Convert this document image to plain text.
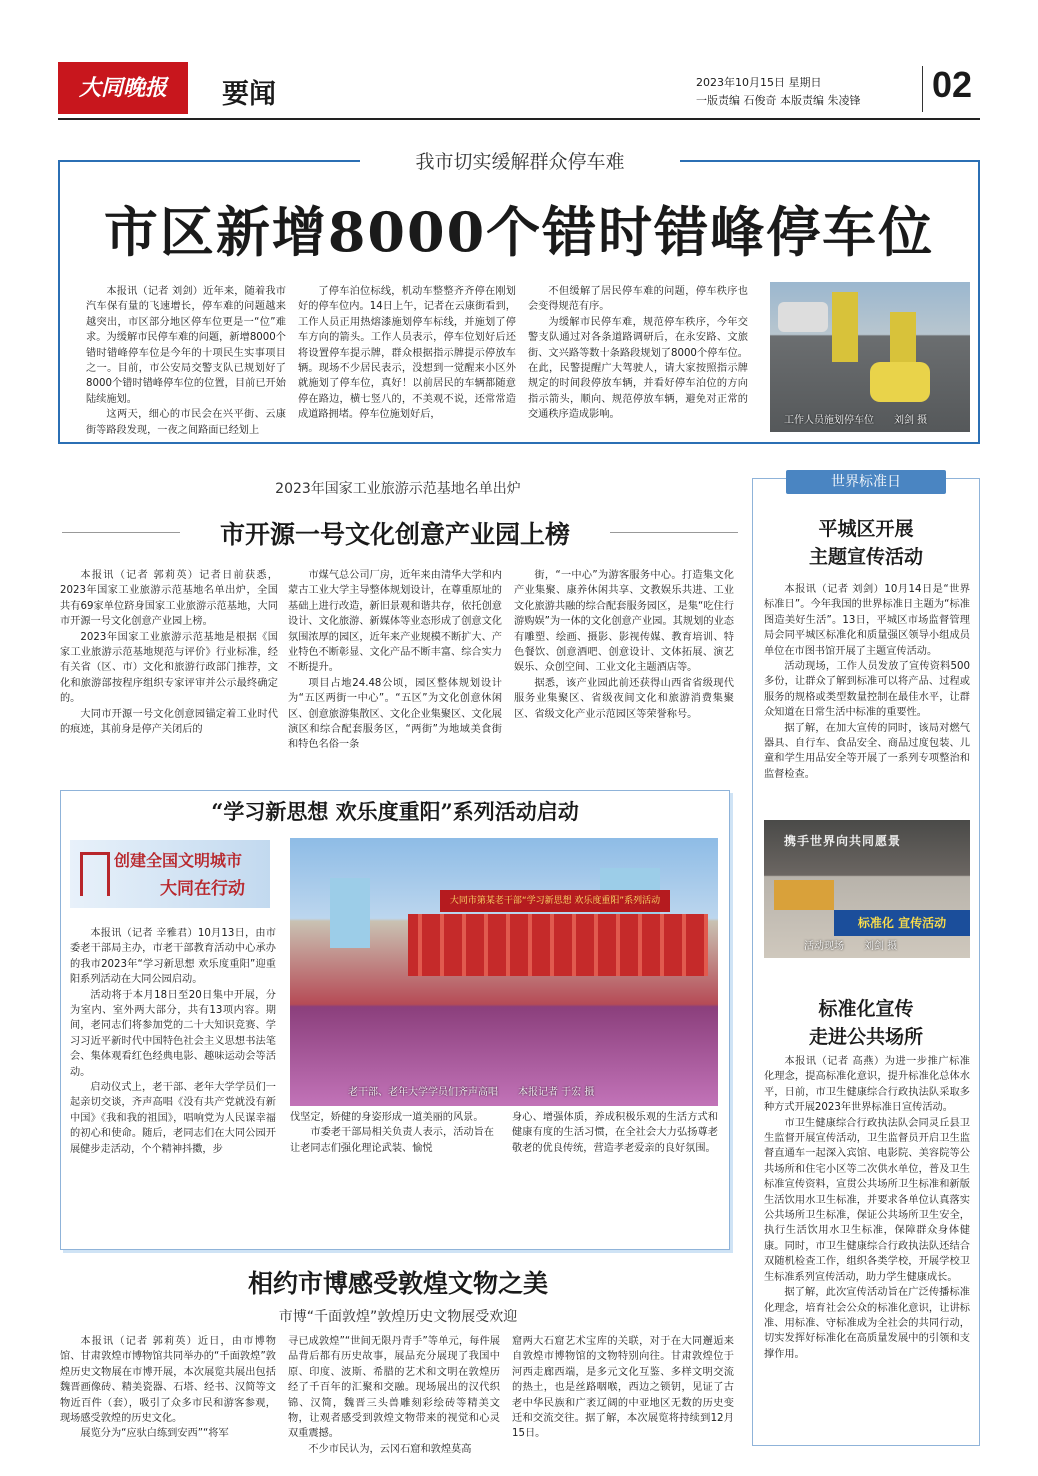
大同晚报	要闻	2023年10月15日 星期日
一版责编 石俊奇 本版责编 朱凌锋 02
我市切实缓解群众停车难
市区新增8000个错时错峰停车位

本报讯（记者 刘剑）近年来，随着我市汽车保有量的飞速增长，停车难的问题越来越突出，市区部分地区停车位更是一“位”难求。为缓解市民停车难的问题，新增8000个错时错峰停车位是今年的十项民生实事项目之一。目前，市公安局交警支队已规划好了8000个错时错峰停车位的位置，目前已开始陆续施划。

这两天，细心的市民会在兴平街、云康街等路段发现，一夜之间路面已经划上

了停车泊位标线，机动车整整齐齐停在刚划好的停车位内。14日上午，记者在云康街看到，工作人员正用热熔漆施划停车标线，并施划了停车方向的箭头。工作人员表示，停车位划好后还将设置停车提示牌，群众根据指示牌提示停放车辆。现场不少居民表示，没想到一觉醒来小区外就施划了停车位，真好！以前居民的车辆都随意停在路边，横七竖八的，不美观不说，还常常造成道路拥堵。停车位施划好后，

不但缓解了居民停车难的问题，停车秩序也会变得规范有序。

为缓解市民停车难，规范停车秩序，今年交警支队通过对各条道路调研后，在永安路、文旅街、文兴路等数十条路段规划了8000个停车位。在此，民警提醒广大驾驶人，请大家按照指示牌规定的时间段停放车辆，并看好停车泊位的方向指示箭头，顺向、规范停放车辆，避免对正常的交通秩序造成影响。

工作人员施划停车位　　刘剑 摄
2023年国家工业旅游示范基地名单出炉
市开源一号文化创意产业园上榜

本报讯（记者 郭莉英）记者日前获悉，2023年国家工业旅游示范基地名单出炉，全国共有69家单位跻身国家工业旅游示范基地，大同市开源一号文化创意产业园上榜。

2023年国家工业旅游示范基地是根据《国家工业旅游示范基地规范与评价》行业标准，经有关省（区、市）文化和旅游行政部门推荐，文化和旅游部按程序组织专家评审并公示最终确定的。

大同市开源一号文化创意园锚定着工业时代的痕迹，其前身是停产关闭后的

市煤气总公司厂房，近年来由清华大学和内蒙古工业大学主导整体规划设计，在尊重原址的基础上进行改造，新旧景观和谐共存，依托创意设计、文化旅游、新媒体等业态形成了创意文化氛围浓厚的园区，近年来产业规模不断扩大、产业特色不断彰显、文化产品不断丰富、综合实力不断提升。

项目占地24.48公顷，园区整体规划设计为“五区两街一中心”。“五区”为文化创意休闲区、创意旅游集散区、文化企业集聚区、文化展演区和综合配套服务区，“两街”为地域美食街和特色名俗一条

街，“一中心”为游客服务中心。打造集文化产业集聚、康养休闲共享、文教娱乐共进、工业文化旅游共融的综合配套服务园区，是集“吃住行游购娱”为一体的文化创意产业园。其规划的业态有雕塑、绘画、摄影、影视传媒、教育培训、特色餐饮、创意酒吧、创意设计、文体拓展、演艺娱乐、众创空间、工业文化主题酒店等。

据悉，该产业园此前还获得山西省省级现代服务业集聚区、省级夜间文化和旅游消费集聚区、省级文化产业示范园区等荣誉称号。

“学习新思想 欢乐度重阳”系列活动启动
创建全国文明城市
大同在行动

本报讯（记者 辛雅君）10月13日，由市委老干部局主办，市老干部教育活动中心承办的我市2023年“学习新思想 欢乐度重阳”迎重阳系列活动在大同公园启动。

活动将于本月18日至20日集中开展，分为室内、室外两大部分，共有13项内容。期间，老同志们将参加党的二十大知识竞赛、学习习近平新时代中国特色社会主义思想书法笔会、集体观看红色经典电影、趣味运动会等活动。

启动仪式上，老干部、老年大学学员们一起亲切交谈，齐声高唱《没有共产党就没有新中国》《我和我的祖国》，唱响党为人民谋幸福的初心和使命。随后，老同志们在大同公园开展健步走活动，个个精神抖擞，步

大同市第某老干部“学习新思想 欢乐度重阳”系列活动
老干部、老年大学学员们齐声高唱　　本报记者 于宏 摄

伐坚定，娇健的身姿形成一道美丽的风景。

市委老干部局相关负责人表示，活动旨在让老同志们强化理论武装、愉悦

身心、增强体质，养成积极乐观的生活方式和健康有度的生活习惯，在全社会大力弘扬尊老敬老的优良传统，营造孝老爱亲的良好氛围。

相约市博感受敦煌文物之美
市博“千面敦煌”敦煌历史文物展受欢迎

本报讯（记者 郭莉英）近日，由市博物馆、甘肃敦煌市博物馆共同举办的“千面敦煌”敦煌历史文物展在市博开展，本次展览共展出包括魏晋画像砖、精美瓷器、石塔、经书、汉简等文物近百件（套），吸引了众多市民和游客参观，现场感受敦煌的历史文化。

展览分为“应驮白练到安西”“将军

寻已成敦煌”“世间无限丹青手”等单元，每件展品背后都有历史故事，展品充分展现了我国中原、印度、波斯、希腊的艺术和文明在敦煌历经了千百年的汇聚和交融。现场展出的汉代织锦、汉简，魏晋三头兽雕刻彩绘砖等精美文物，让观者感受到敦煌文物带来的视觉和心灵双重震撼。

不少市民认为，云冈石窟和敦煌莫高

窟两大石窟艺术宝库的关联，对于在大同邂逅来自敦煌市博物馆的文物特别向往。甘肃敦煌位于河西走廊西端，是多元文化互鉴、多样文明交流的热土，也是丝路咽喉，西边之锁钥，见证了古老中华民族和广袤辽阔的中亚地区无数的历史变迁和交流交往。据了解，本次展览将持续到12月15日。

世界标准日
平城区开展
主题宣传活动

本报讯（记者 刘剑）10月14日是“世界标准日”。今年我国的世界标准日主题为“标准图造美好生活”。13日，平城区市场监督管理局会同平城区标准化和质量强区领导小组成员单位在市图书馆开展了主题宣传活动。

活动现场，工作人员发放了宣传资料500多份，让群众了解到标准可以将产品、过程或服务的规格或类型数量控制在最佳水平，让群众知道在日常生活中标准的重要性。

据了解，在加大宣传的同时，该局对燃气器具、自行车、食品安全、商品过度包装、儿童和学生用品安全等开展了一系列专项整治和监督检查。

携手世界向共同愿景
标准化 宣传活动
活动现场　　刘剑 摄
标准化宣传
走进公共场所

本报讯（记者 高燕）为进一步推广标准化理念，提高标准化意识，提升标准化总体水平，日前，市卫生健康综合行政执法队采取多种方式开展2023年世界标准日宣传活动。

市卫生健康综合行政执法队会同灵丘县卫生监督开展宣传活动，卫生监督员开启卫生监督直通车一起深入宾馆、电影院、美容院等公共场所和住宅小区等二次供水单位，普及卫生标准宣传资料，宣贯公共场所卫生标准和新版生活饮用水卫生标准，并要求各单位认真落实公共场所卫生标准，保证公共场所卫生安全，执行生活饮用水卫生标准，保障群众身体健康。同时，市卫生健康综合行政执法队还结合双随机检查工作，组织各类学校，开展学校卫生标准系列宣传活动，助力学生健康成长。

据了解，此次宣传活动旨在广泛传播标准化理念，培育社会公众的标准化意识，让讲标准、用标准、守标准成为全社会的共同行动，切实发挥好标准化在高质量发展中的引领和支撑作用。
